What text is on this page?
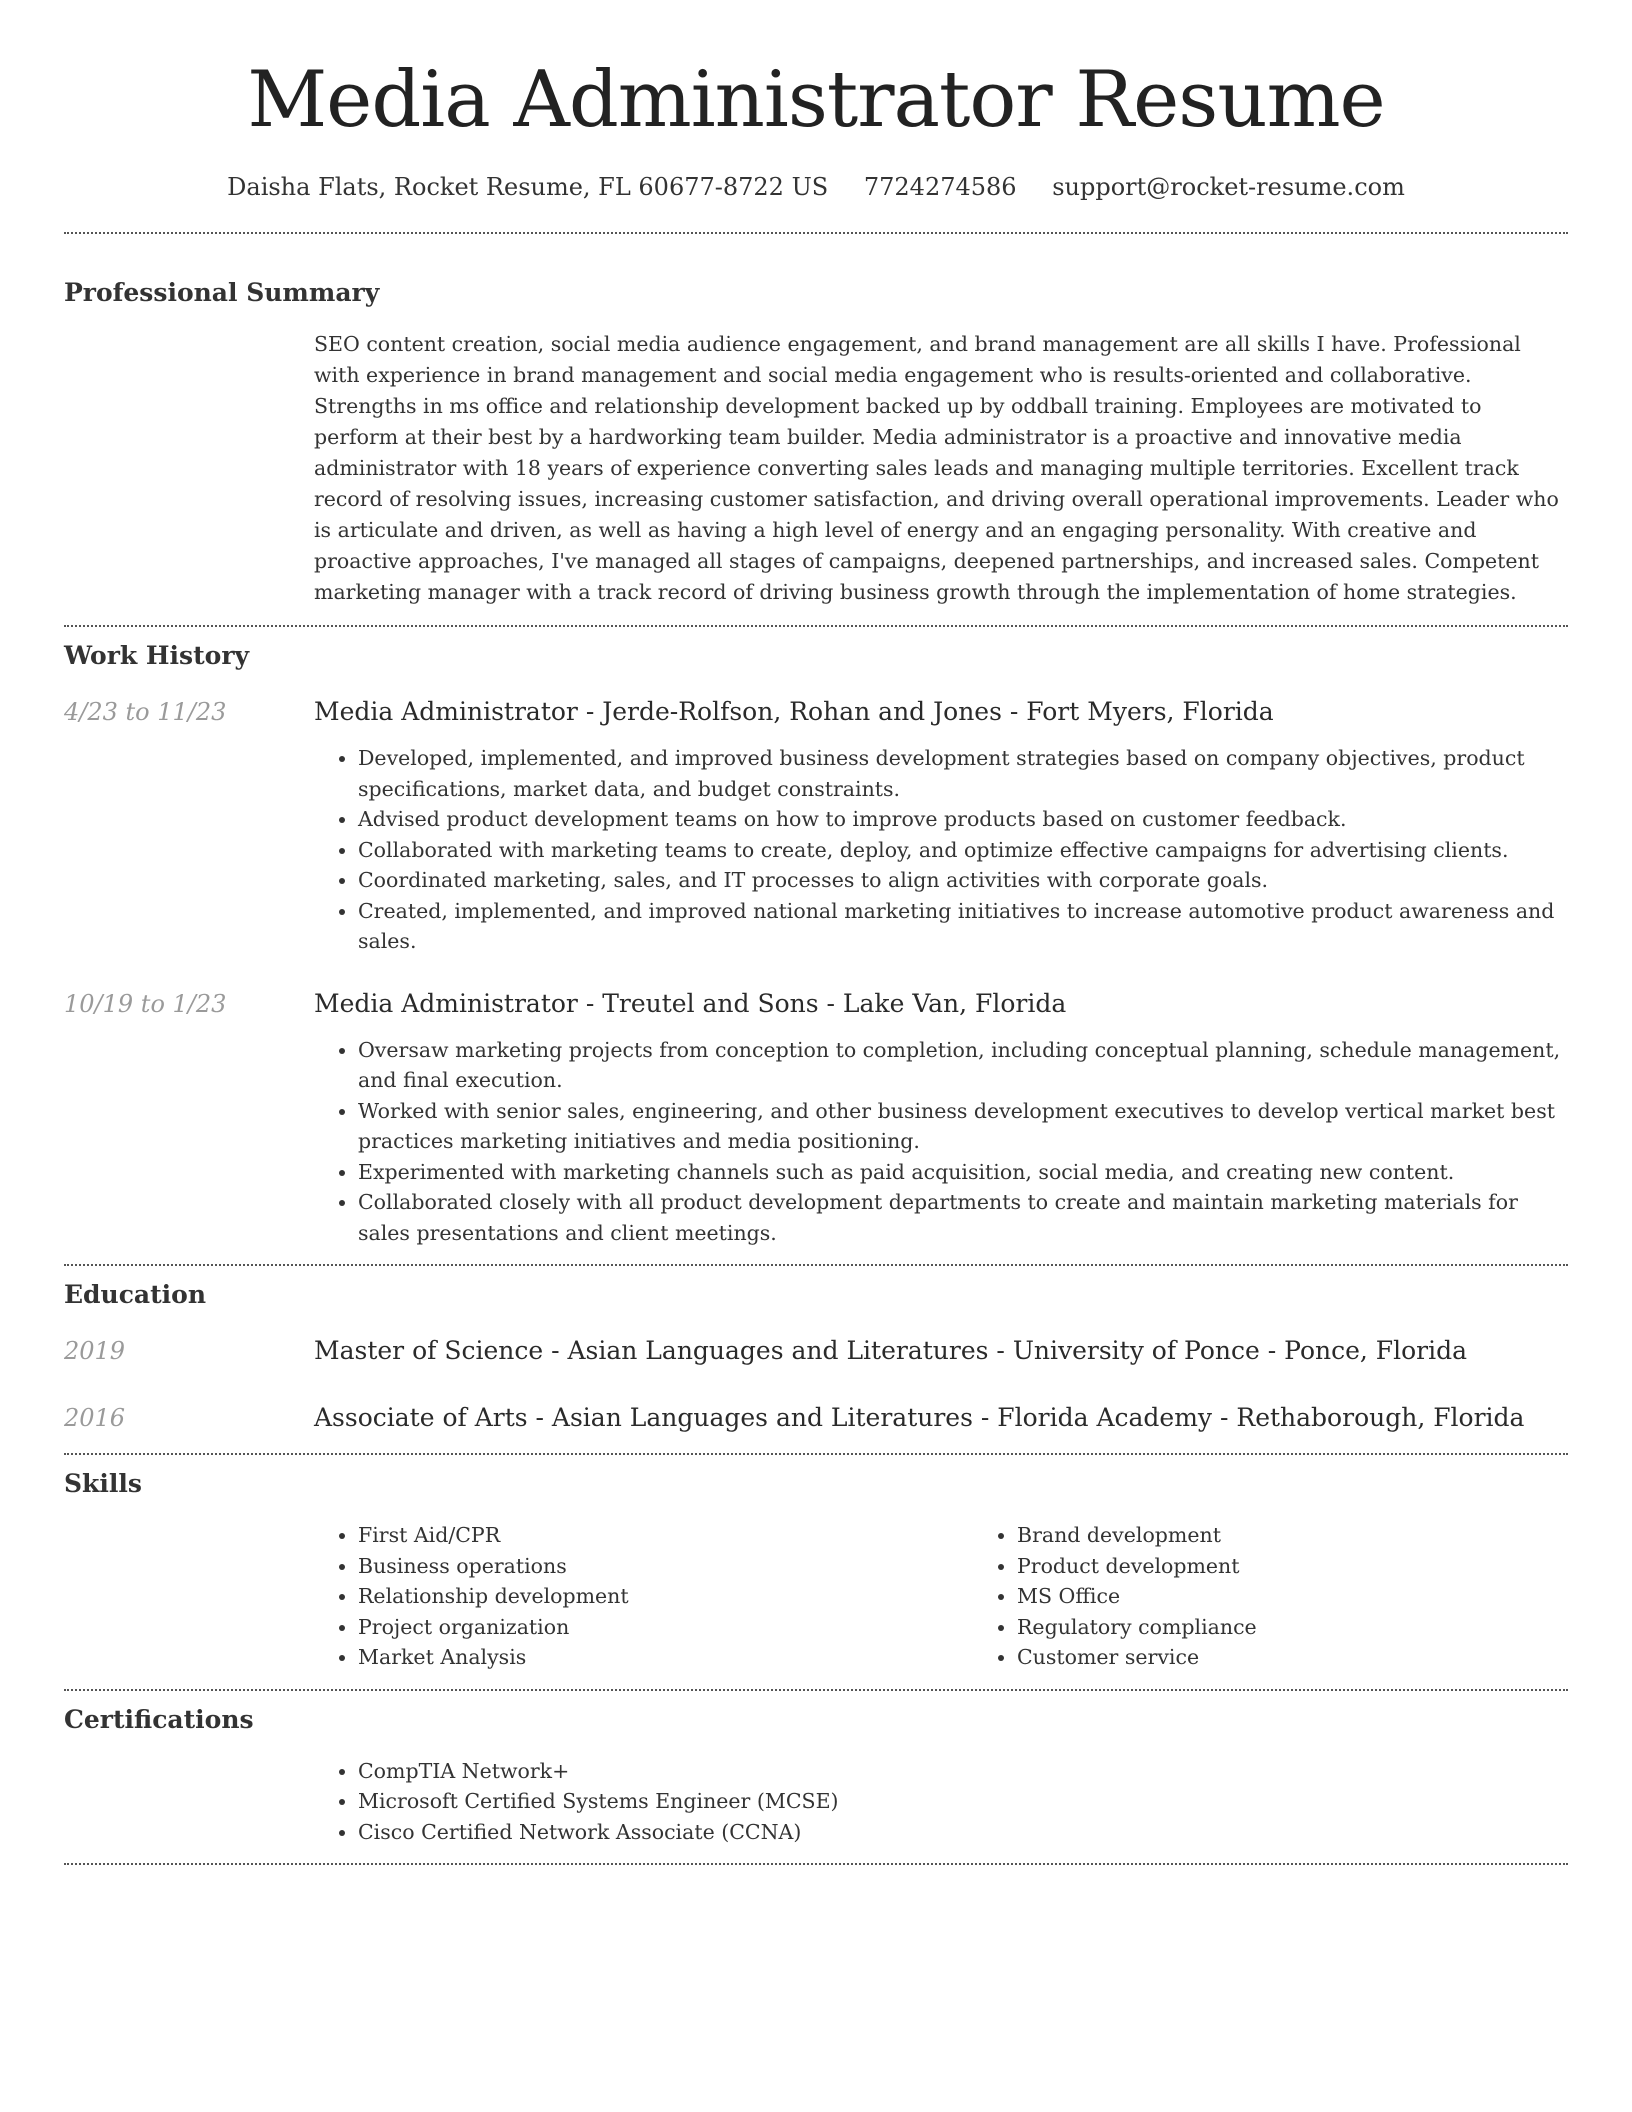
Media Administrator Resume
Daisha Flats, Rocket Resume, FL 60677-8722 US 7724274586 support@rocket-resume.com
Professional Summary

SEO content creation, social media audience engagement, and brand management are all skills I have. Professional with experience in brand management and social media engagement who is results-oriented and collaborative. Strengths in ms office and relationship development backed up by oddball training. Employees are motivated to perform at their best by a hardworking team builder. Media administrator is a proactive and innovative media administrator with 18 years of experience converting sales leads and managing multiple territories. Excellent track record of resolving issues, increasing customer satisfaction, and driving overall operational improvements. Leader who is articulate and driven, as well as having a high level of energy and an engaging personality. With creative and proactive approaches, I've managed all stages of campaigns, deepened partnerships, and increased sales. Competent marketing manager with a track record of driving business growth through the implementation of home strategies.

Work History
4/23 to 11/23	Media Administrator - Jerde-Rolfson, Rohan and Jones - Fort Myers, Florida
• Developed, implemented, and improved business development strategies based on company objectives, product specifications, market data, and budget constraints.
• Advised product development teams on how to improve products based on customer feedback.
• Collaborated with marketing teams to create, deploy, and optimize effective campaigns for advertising clients.
• Coordinated marketing, sales, and IT processes to align activities with corporate goals.
• Created, implemented, and improved national marketing initiatives to increase automotive product awareness and sales.
10/19 to 1/23	Media Administrator - Treutel and Sons - Lake Van, Florida
• Oversaw marketing projects from conception to completion, including conceptual planning, schedule management, and final execution.
• Worked with senior sales, engineering, and other business development executives to develop vertical market best practices marketing initiatives and media positioning.
• Experimented with marketing channels such as paid acquisition, social media, and creating new content.
• Collaborated closely with all product development departments to create and maintain marketing materials for sales presentations and client meetings.
Education
2019	Master of Science - Asian Languages and Literatures - University of Ponce - Ponce, Florida
2016	Associate of Arts - Asian Languages and Literatures - Florida Academy - Rethaborough, Florida
Skills
• First Aid/CPR
• Business operations
• Relationship development
• Project organization
• Market Analysis
• Brand development
• Product development
• MS Office
• Regulatory compliance
• Customer service
Certifications
• CompTIA Network+
• Microsoft Certified Systems Engineer (MCSE)
• Cisco Certified Network Associate (CCNA)
